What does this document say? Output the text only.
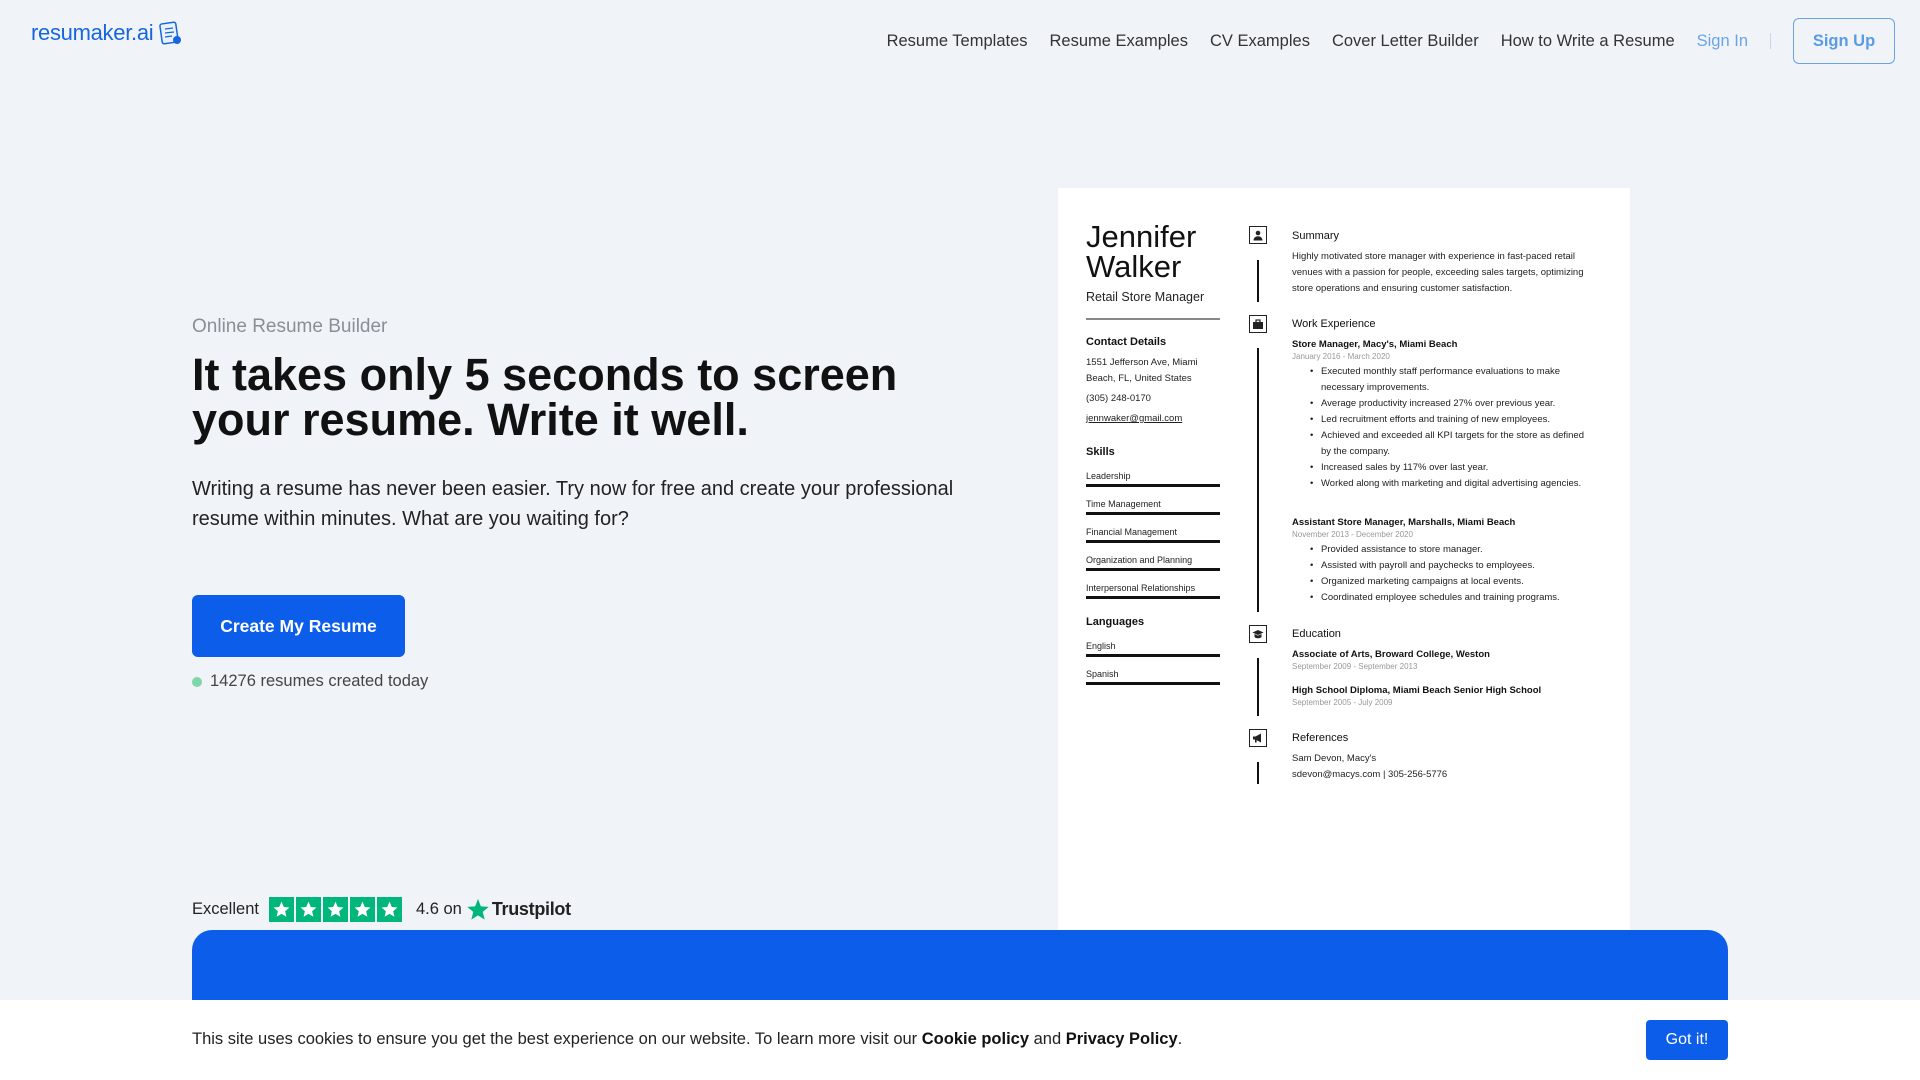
resumaker.ai	Resume Templates Resume Examples CV Examples Cover Letter Builder How to Write a Resume Sign In	Sign Up
Online Resume Builder
It takes only 5 seconds to screen your resume. Write it well.

Writing a resume has never been easier. Try now for free and create your professional resume within minutes. What are you waiting for?

Create My Resume
14276 resumes created today
Excellent	4.6 on Trustpilot
Jennifer
Walker
Retail Store Manager
Contact Details
1551 Jefferson Ave, Miami Beach, FL, United States
(305) 248-0170
jennwaker@gmail.com
Skills
Leadership
Time Management
Financial Management
Organization and Planning
Interpersonal Relationships
Languages
English
Spanish
Summary
Highly motivated store manager with experience in fast-paced retail venues with a passion for people, exceeding sales targets, optimizing store operations and ensuring customer satisfaction.
Work Experience
Store Manager, Macy's, Miami Beach
January 2016 - March 2020
• Executed monthly staff performance evaluations to make necessary improvements.
• Average productivity increased 27% over previous year.
• Led recruitment efforts and training of new employees.
• Achieved and exceeded all KPI targets for the store as defined by the company.
• Increased sales by 117% over last year.
• Worked along with marketing and digital advertising agencies.
Assistant Store Manager, Marshalls, Miami Beach
November 2013 - December 2020
• Provided assistance to store manager.
• Assisted with payroll and paychecks to employees.
• Organized marketing campaigns at local events.
• Coordinated employee schedules and training programs.
Education
Associate of Arts, Broward College, Weston
September 2009 - September 2013
High School Diploma, Miami Beach Senior High School
September 2005 - July 2009
References
Sam Devon, Macy's
sdevon@macys.com | 305-256-5776

This site uses cookies to ensure you get the best experience on our website. To learn more visit our Cookie policy and Privacy Policy.	Got it!
